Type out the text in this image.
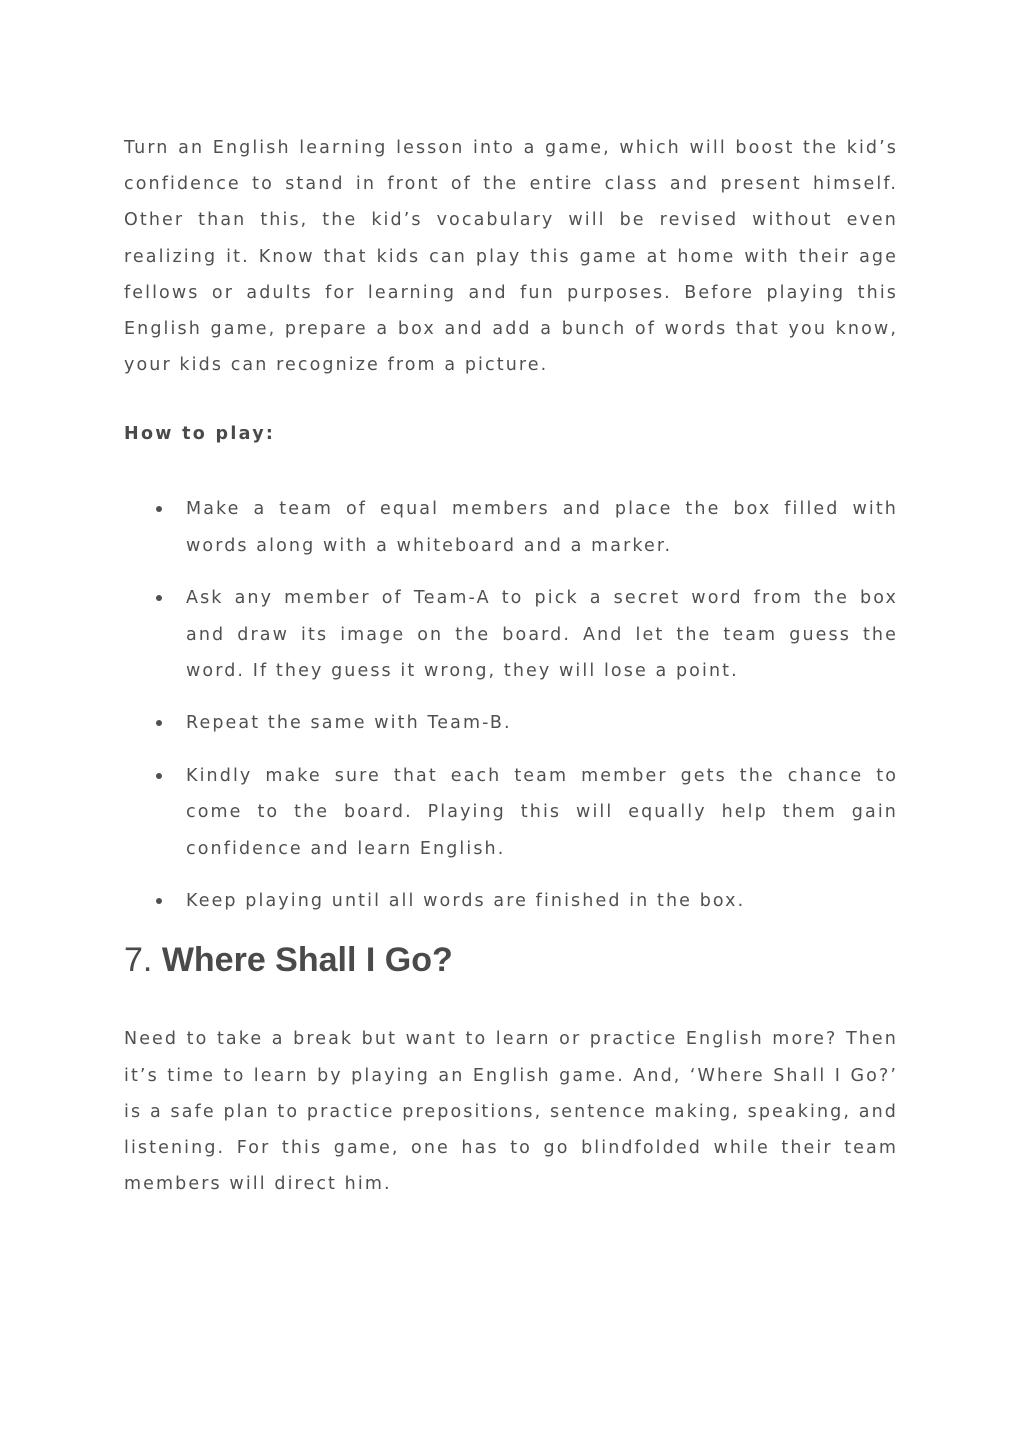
Turn an English learning lesson into a game, which will boost the kid’s confidence to stand in front of the entire class and present himself. Other than this, the kid’s vocabulary will be revised without even realizing it. Know that kids can play this game at home with their age fellows or adults for learning and fun purposes. Before playing this English game, prepare a box and add a bunch of words that you know, your kids can recognize from a picture.

How to play:

Make a team of equal members and place the box filled with words along with a whiteboard and a marker.
Ask any member of Team-A to pick a secret word from the box and draw its image on the board. And let the team guess the word. If they guess it wrong, they will lose a point.
Repeat the same with Team-B.
Kindly make sure that each team member gets the chance to come to the board. Playing this will equally help them gain confidence and learn English.
Keep playing until all words are finished in the box.
7. Where Shall I Go?

Need to take a break but want to learn or practice English more? Then it’s time to learn by playing an English game. And, ‘Where Shall I Go?’ is a safe plan to practice prepositions, sentence making, speaking, and listening. For this game, one has to go blindfolded while their team members will direct him.
